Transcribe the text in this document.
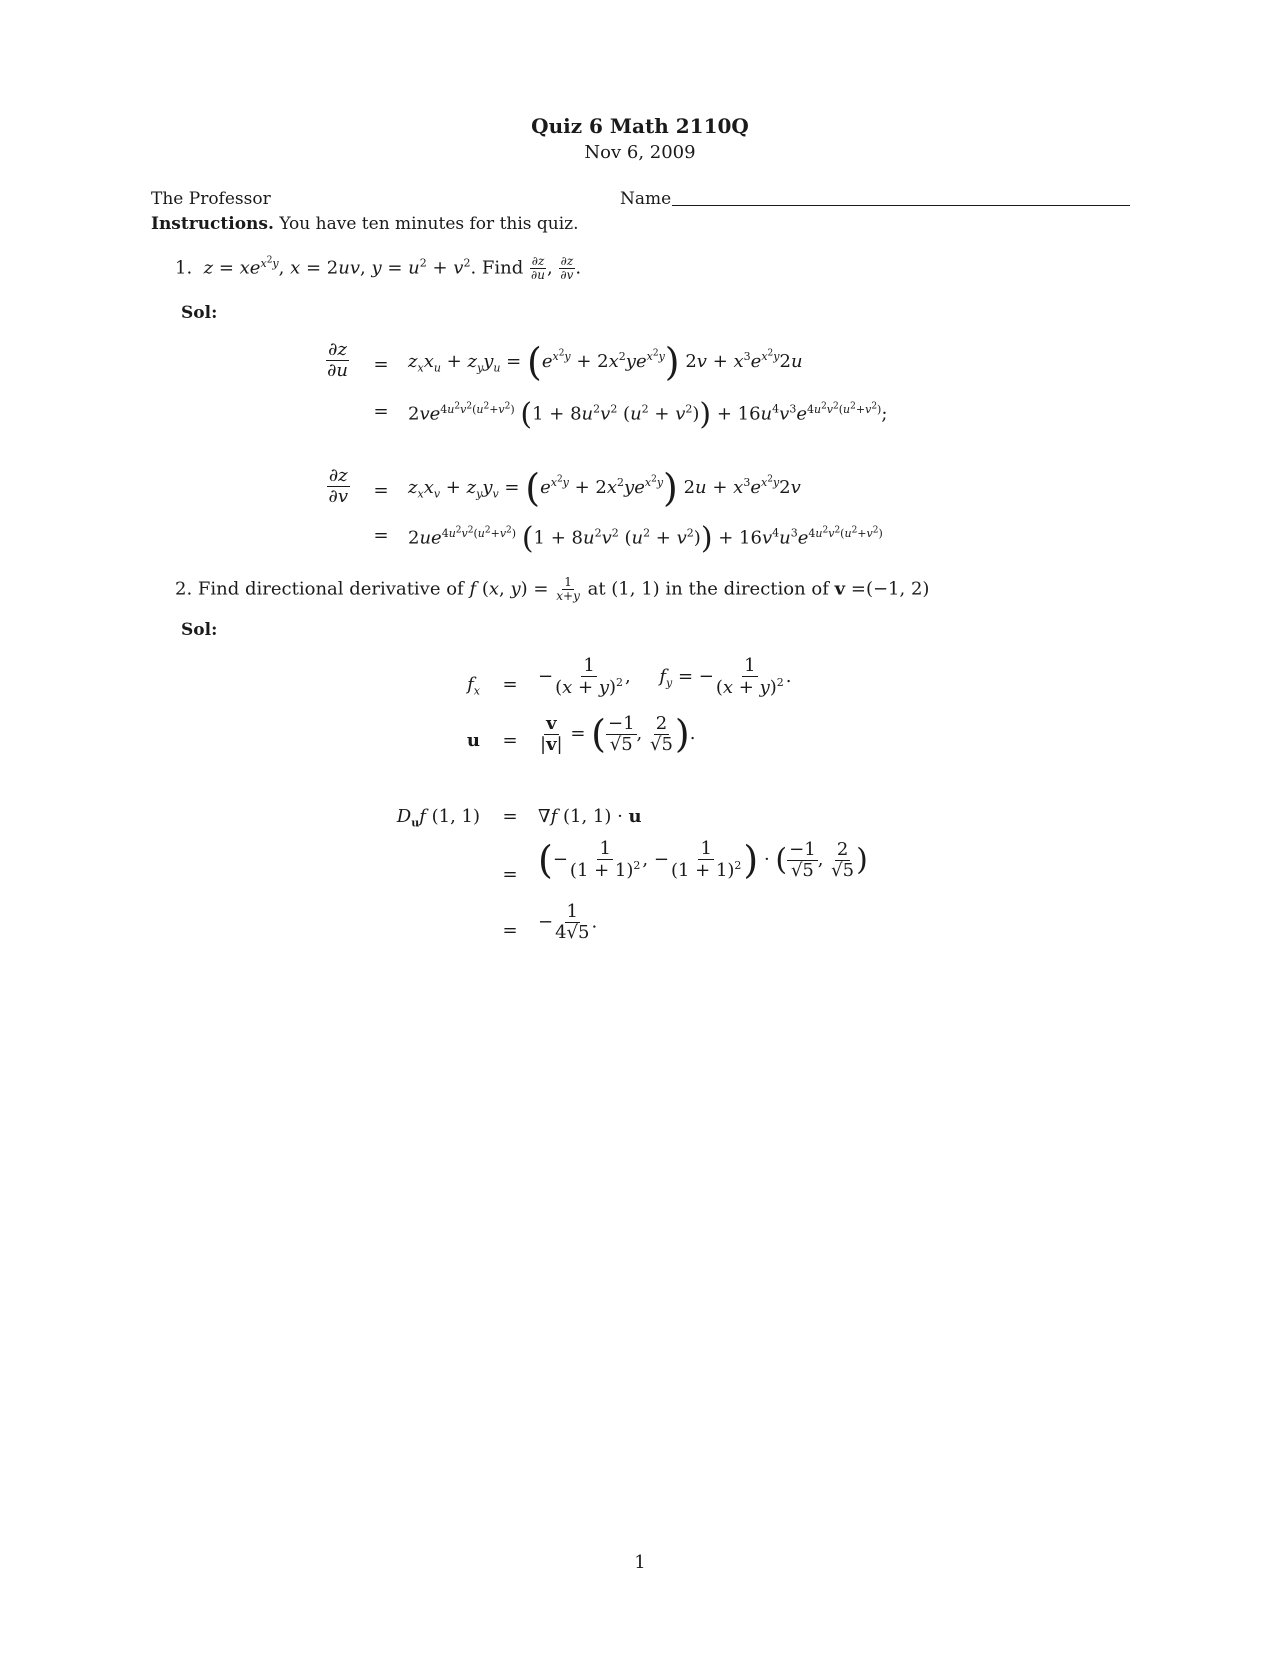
Quiz 6 Math 2110Q
Nov 6, 2009
The Professor	Name
Instructions. You have ten minutes for this quiz.
1. $z = xe^{x^2y}$, x = 2uv, $y = u^2 + v^2$. Find $\frac{\partial z}{\partial u}$ , $\frac{\partial z}{\partial v}$ .
Sol:
$\frac{\partial z}{\partial u}$	=	$z_xx_u + z_yy_u = (e^{x^2y} + 2x^2ye^{x^2y}) 2v + x^3e^{x^2y}2u$
=	$2ve^{4u^2v^2(u^2+v^2)}$ ($1 + 8u^2v^2$ $(u^2 + v^2)) + 16u^4v^3e^{4u^2v^2(u^2+v^2)}$;
$\frac{\partial z}{\partial v}$	=	$z_xx_v + z_yy_v = (e^{x^2y} + 2x^2ye^{x^2y}) 2u + x^3e^{x^2y}2v$
=	$2ue^{4u^2v^2(u^2+v^2)}$ ($1 + 8u^2v^2$ $(u^2 + v^2)) + 16v^4u^3e^{4u^2v^2(u^2+v^2)}$
2. Find directional derivative of f (x, $y) = \frac{1}{x+y}$ at (1, 1) in the direction of v =(−1, 2)
Sol:
$f_x$	=	− $\frac{1}{(x + y)^2}$ ,     $f_y$ = − $\frac{1}{(x + y)^2}$ .
u	=	$\frac{v}{|v|}$ = ( $\frac{-1}{√5}$ , $\frac{2}{√5}$ ).
$D_uf$ (1, 1)	=	∇f (1, 1) · u
= (− $\frac{1}{(1 + 1)^2}$ , − $\frac{1}{(1 + 1)^2}$ ) · ( $\frac{-1}{√5}$ , $\frac{2}{√5}$ )
=	− $\frac{1}{4√5}$ .
1
